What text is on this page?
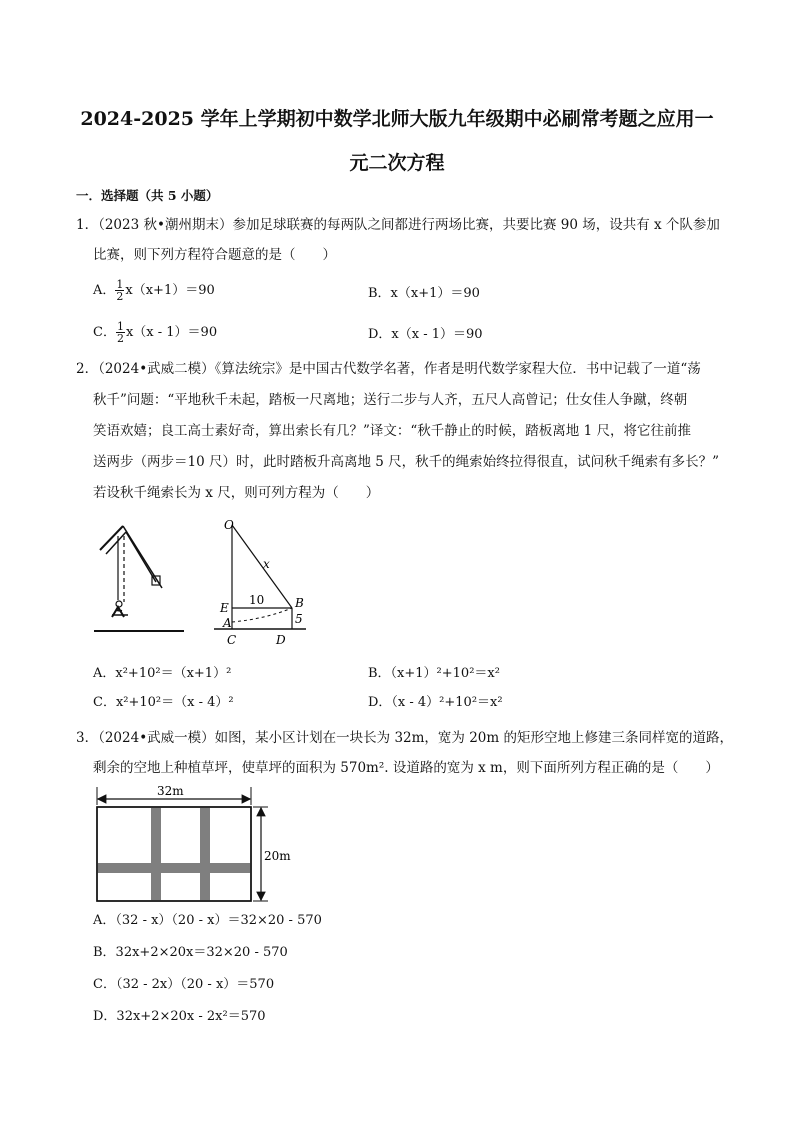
2024-2025 学年上学期初中数学北师大版九年级期中必刷常考题之应用一
元二次方程
一．选择题（共 5 小题）
1．（2023 秋•潮州期末）参加足球联赛的每两队之间都进行两场比赛，共要比赛 90 场，设共有 x 个队参加
比赛，则下列方程符合题意的是（　　）
A． $\frac{1}{2} x(x+1)=90$	B．x（x+1）＝90
C． $\frac{1}{2} x(x - 1)=90$	D．x（x - 1）＝90
2．（2024•武威二模）《算法统宗》是中国古代数学名著，作者是明代数学家程大位．书中记载了一道“荡
秋千”问题：“平地秋千未起，踏板一尺离地；送行二步与人齐，五尺人高曾记；仕女佳人争蹴，终朝
笑语欢嬉；良工高士素好奇，算出索长有几？”译文：“秋千静止的时候，踏板离地 1 尺，将它往前推
送两步（两步＝10 尺）时，此时踏板升高离地 5 尺，秋千的绳索始终拉得很直，试问秋千绳索有多长？”
若设秋千绳索长为 x 尺，则可列方程为（　　）
O
x
E
10	B
A	5
C	D
A．x²+10²＝（x+1）²	B．（x+1）²+10²＝x²
C．x²+10²＝（x - 4）²	D．（x - 4）²+10²＝x²
3．（2024•武威一模）如图，某小区计划在一块长为 32m，宽为 20m 的矩形空地上修建三条同样宽的道路，
剩余的空地上种植草坪，使草坪的面积为 570m². 设道路的宽为 x m，则下面所列方程正确的是（　　）
32m
20m
A．（32 - x）（20 - x）＝32×20 - 570
B．32x+2×20x＝32×20 - 570
C．（32 - 2x）（20 - x）＝570
D．32x+2×20x - 2x²＝570
